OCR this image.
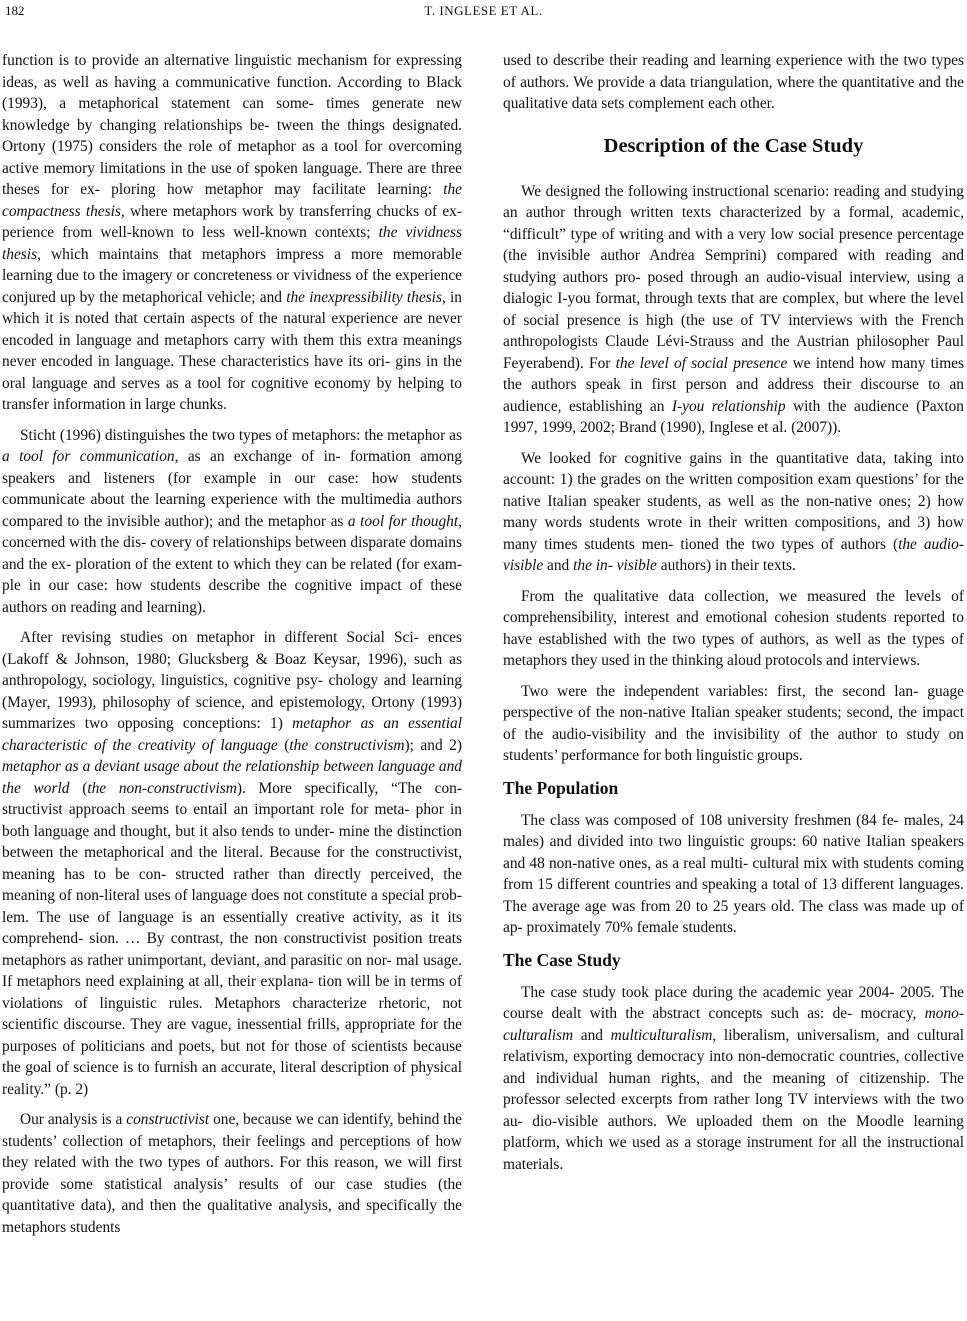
182	T. INGLESE ET AL.

function is to provide an alternative linguistic mechanism for expressing ideas, as well as having a communicative function. According to Black (1993), a metaphorical statement can some- times generate new knowledge by changing relationships be- tween the things designated. Ortony (1975) considers the role of metaphor as a tool for overcoming active memory limitations in the use of spoken language. There are three theses for ex- ploring how metaphor may facilitate learning: the compactness thesis, where metaphors work by transferring chucks of ex- perience from well-known to less well-known contexts; the vividness thesis, which maintains that metaphors impress a more memorable learning due to the imagery or concreteness or vividness of the experience conjured up by the metaphorical vehicle; and the inexpressibility thesis, in which it is noted that certain aspects of the natural experience are never encoded in language and metaphors carry with them this extra meanings never encoded in language. These characteristics have its ori- gins in the oral language and serves as a tool for cognitive economy by helping to transfer information in large chunks.

Sticht (1996) distinguishes the two types of metaphors: the metaphor as a tool for communication, as an exchange of in- formation among speakers and listeners (for example in our case: how students communicate about the learning experience with the multimedia authors compared to the invisible author); and the metaphor as a tool for thought, concerned with the dis- covery of relationships between disparate domains and the ex- ploration of the extent to which they can be related (for exam- ple in our case: how students describe the cognitive impact of these authors on reading and learning).

After revising studies on metaphor in different Social Sci- ences (Lakoff & Johnson, 1980; Glucksberg & Boaz Keysar, 1996), such as anthropology, sociology, linguistics, cognitive psy- chology and learning (Mayer, 1993), philosophy of science, and epistemology, Ortony (1993) summarizes two opposing conceptions: 1) metaphor as an essential characteristic of the creativity of language (the constructivism); and 2) metaphor as a deviant usage about the relationship between language and the world (the non-constructivism). More specifically, “The con- structivist approach seems to entail an important role for meta- phor in both language and thought, but it also tends to under- mine the distinction between the metaphorical and the literal. Because for the constructivist, meaning has to be con- structed rather than directly perceived, the meaning of non-literal uses of language does not constitute a special prob- lem. The use of language is an essentially creative activity, as it its comprehend- sion. … By contrast, the non constructivist position treats metaphors as rather unimportant, deviant, and parasitic on nor- mal usage. If metaphors need explaining at all, their explana- tion will be in terms of violations of linguistic rules. Metaphors characterize rhetoric, not scientific discourse. They are vague, inessential frills, appropriate for the purposes of politicians and poets, but not for those of scientists because the goal of science is to furnish an accurate, literal description of physical reality.” (p. 2)

Our analysis is a constructivist one, because we can identify, behind the students’ collection of metaphors, their feelings and perceptions of how they related with the two types of authors. For this reason, we will first provide some statistical analysis’ results of our case studies (the quantitative data), and then the qualitative analysis, and specifically the metaphors students

used to describe their reading and learning experience with the two types of authors. We provide a data triangulation, where the quantitative and the qualitative data sets complement each other.

Description of the Case Study

We designed the following instructional scenario: reading and studying an author through written texts characterized by a formal, academic, “difficult” type of writing and with a very low social presence percentage (the invisible author Andrea Semprini) compared with reading and studying authors pro- posed through an audio-visual interview, using a dialogic I-you format, through texts that are complex, but where the level of social presence is high (the use of TV interviews with the French anthropologists Claude Lévi-Strauss and the Austrian philosopher Paul Feyerabend). For the level of social presence we intend how many times the authors speak in first person and address their discourse to an audience, establishing an I-you relationship with the audience (Paxton 1997, 1999, 2002; Brand (1990), Inglese et al. (2007)).

We looked for cognitive gains in the quantitative data, taking into account: 1) the grades on the written composition exam questions’ for the native Italian speaker students, as well as the non-native ones; 2) how many words students wrote in their written compositions, and 3) how many times students men- tioned the two types of authors (the audio-visible and the in- visible authors) in their texts.

From the qualitative data collection, we measured the levels of comprehensibility, interest and emotional cohesion students reported to have established with the two types of authors, as well as the types of metaphors they used in the thinking aloud protocols and interviews.

Two were the independent variables: first, the second lan- guage perspective of the non-native Italian speaker students; second, the impact of the audio-visibility and the invisibility of the author to study on students’ performance for both linguistic groups.

The Population

The class was composed of 108 university freshmen (84 fe- males, 24 males) and divided into two linguistic groups: 60 native Italian speakers and 48 non-native ones, as a real multi- cultural mix with students coming from 15 different countries and speaking a total of 13 different languages. The average age was from 20 to 25 years old. The class was made up of ap- proximately 70% female students.

The Case Study

The case study took place during the academic year 2004- 2005. The course dealt with the abstract concepts such as: de- mocracy, mono-culturalism and multiculturalism, liberalism, universalism, and cultural relativism, exporting democracy into non-democratic countries, collective and individual human rights, and the meaning of citizenship. The professor selected excerpts from rather long TV interviews with the two au- dio-visible authors. We uploaded them on the Moodle learning platform, which we used as a storage instrument for all the instructional materials.
